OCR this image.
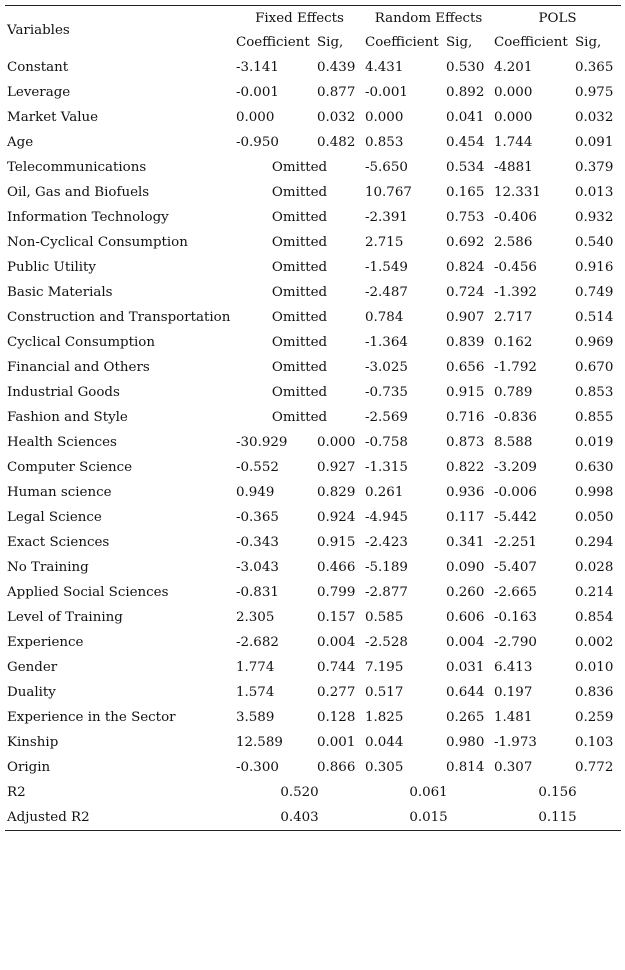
Variables	Fixed Effects		Random Effects		POLS	
	Coefficient	Sig,	Coefficient	Sig,	Coefficient	Sig,
Constant	-3.141	0.439	4.431	0.530	4.201	0.365
Leverage	-0.001	0.877	-0.001	0.892	0.000	0.975
Market Value	0.000	0.032	0.000	0.041	0.000	0.032
Age	-0.950	0.482	0.853	0.454	1.744	0.091
Telecommunications	Omitted		-5.650	0.534	-4881	0.379
Oil, Gas and Biofuels	Omitted		10.767	0.165	12.331	0.013
Information Technology	Omitted		-2.391	0.753	-0.406	0.932
Non-Cyclical Consumption	Omitted		2.715	0.692	2.586	0.540
Public Utility	Omitted		-1.549	0.824	-0.456	0.916
Basic Materials	Omitted		-2.487	0.724	-1.392	0.749
Construction and Transportation	Omitted		0.784	0.907	2.717	0.514
Cyclical Consumption	Omitted		-1.364	0.839	0.162	0.969
Financial and Others	Omitted		-3.025	0.656	-1.792	0.670
Industrial Goods	Omitted		-0.735	0.915	0.789	0.853
Fashion and Style	Omitted		-2.569	0.716	-0.836	0.855
Health Sciences	-30.929	0.000	-0.758	0.873	8.588	0.019
Computer Science	-0.552	0.927	-1.315	0.822	-3.209	0.630
Human science	0.949	0.829	0.261	0.936	-0.006	0.998
Legal Science	-0.365	0.924	-4.945	0.117	-5.442	0.050
Exact Sciences	-0.343	0.915	-2.423	0.341	-2.251	0.294
No Training	-3.043	0.466	-5.189	0.090	-5.407	0.028
Applied Social Sciences	-0.831	0.799	-2.877	0.260	-2.665	0.214
Level of Training	2.305	0.157	0.585	0.606	-0.163	0.854
Experience	-2.682	0.004	-2.528	0.004	-2.790	0.002
Gender	1.774	0.744	7.195	0.031	6.413	0.010
Duality	1.574	0.277	0.517	0.644	0.197	0.836
Experience in the Sector	3.589	0.128	1.825	0.265	1.481	0.259
Kinship	12.589	0.001	0.044	0.980	-1.973	0.103
Origin	-0.300	0.866	0.305	0.814	0.307	0.772
R2	0.520		0.061		0.156	
Adjusted R2	0.403		0.015		0.115	
